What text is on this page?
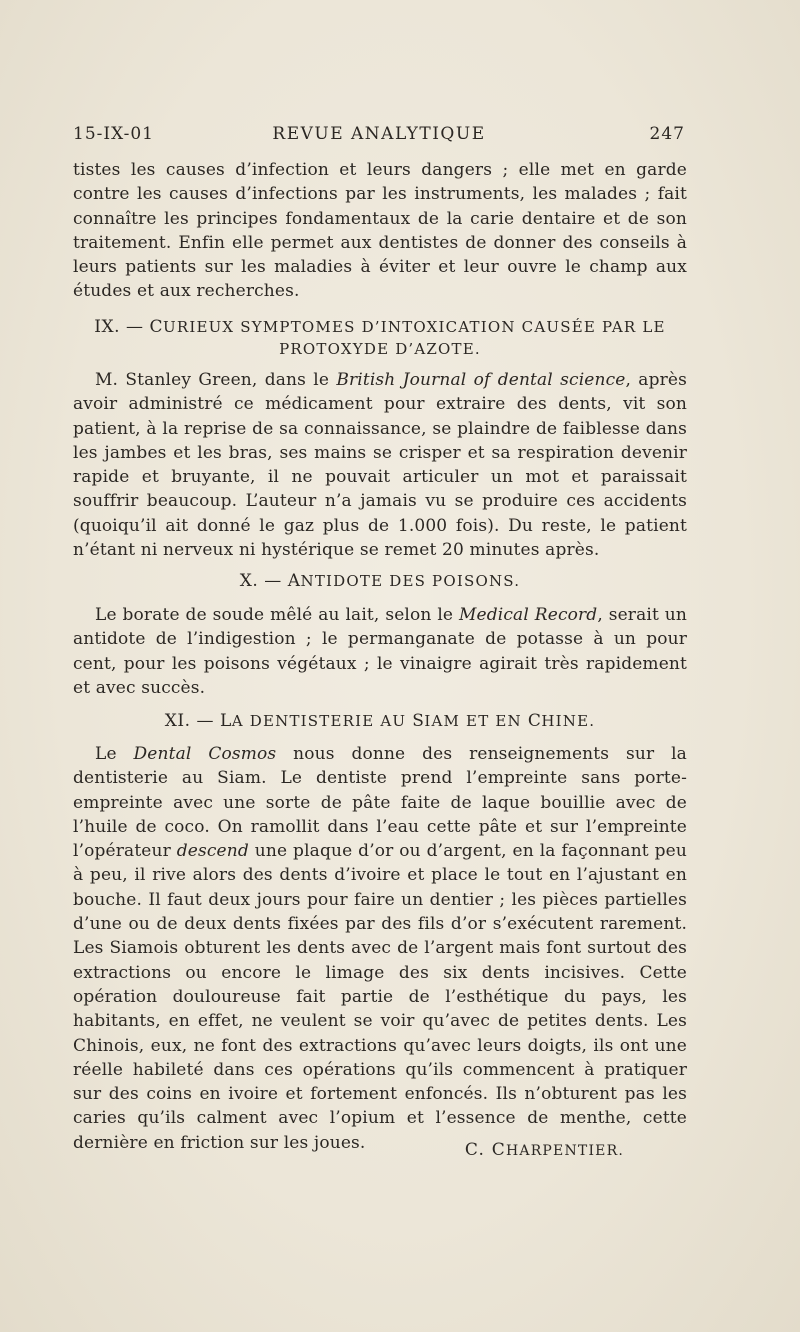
15-IX-01	REVUE ANALYTIQUE	247

tistes les causes d’infection et leurs dangers ; elle met en garde contre les causes d’infections par les instruments, les malades ; fait connaître les principes fondamentaux de la carie dentaire et de son traitement. Enfin elle permet aux dentistes de donner des conseils à leurs patients sur les maladies à éviter et leur ouvre le champ aux études et aux recherches.

IX. — CURIEUX SYMPTOMES D’INTOXICATION CAUSÉE PAR LE
PROTOXYDE D’AZOTE.

M. Stanley Green, dans le British Journal of dental science, après avoir administré ce médicament pour extraire des dents, vit son patient, à la reprise de sa connaissance, se plaindre de faiblesse dans les jambes et les bras, ses mains se crisper et sa respiration devenir rapide et bruyante, il ne pouvait articuler un mot et paraissait souffrir beaucoup. L’auteur n’a jamais vu se produire ces accidents (quoiqu’il ait donné le gaz plus de 1.000 fois). Du reste, le patient n’étant ni nerveux ni hystérique se remet 20 minutes après.

X. — ANTIDOTE DES POISONS.

Le borate de soude mêlé au lait, selon le Medical Record, serait un antidote de l’indigestion ; le permanganate de potasse à un pour cent, pour les poisons végétaux ; le vinaigre agirait très rapidement et avec succès.

XI. — LA DENTISTERIE AU SIAM ET EN CHINE.

Le Dental Cosmos nous donne des renseignements sur la dentisterie au Siam. Le dentiste prend l’empreinte sans porte-empreinte avec une sorte de pâte faite de laque bouillie avec de l’huile de coco. On ramollit dans l’eau cette pâte et sur l’empreinte l’opérateur descend une plaque d’or ou d’argent, en la façonnant peu à peu, il rive alors des dents d’ivoire et place le tout en l’ajustant en bouche. Il faut deux jours pour faire un dentier ; les pièces partielles d’une ou de deux dents fixées par des fils d’or s’exécutent rarement. Les Siamois obturent les dents avec de l’argent mais font surtout des extractions ou encore le limage des six dents incisives. Cette opération douloureuse fait partie de l’esthétique du pays, les habitants, en effet, ne veulent se voir qu’avec de petites dents. Les Chinois, eux, ne font des extractions qu’avec leurs doigts, ils ont une réelle habileté dans ces opérations qu’ils commencent à pratiquer sur des coins en ivoire et fortement enfoncés. Ils n’obturent pas les caries qu’ils calment avec l’opium et l’essence de menthe, cette dernière en friction sur les joues.	C. CHARPENTIER.
